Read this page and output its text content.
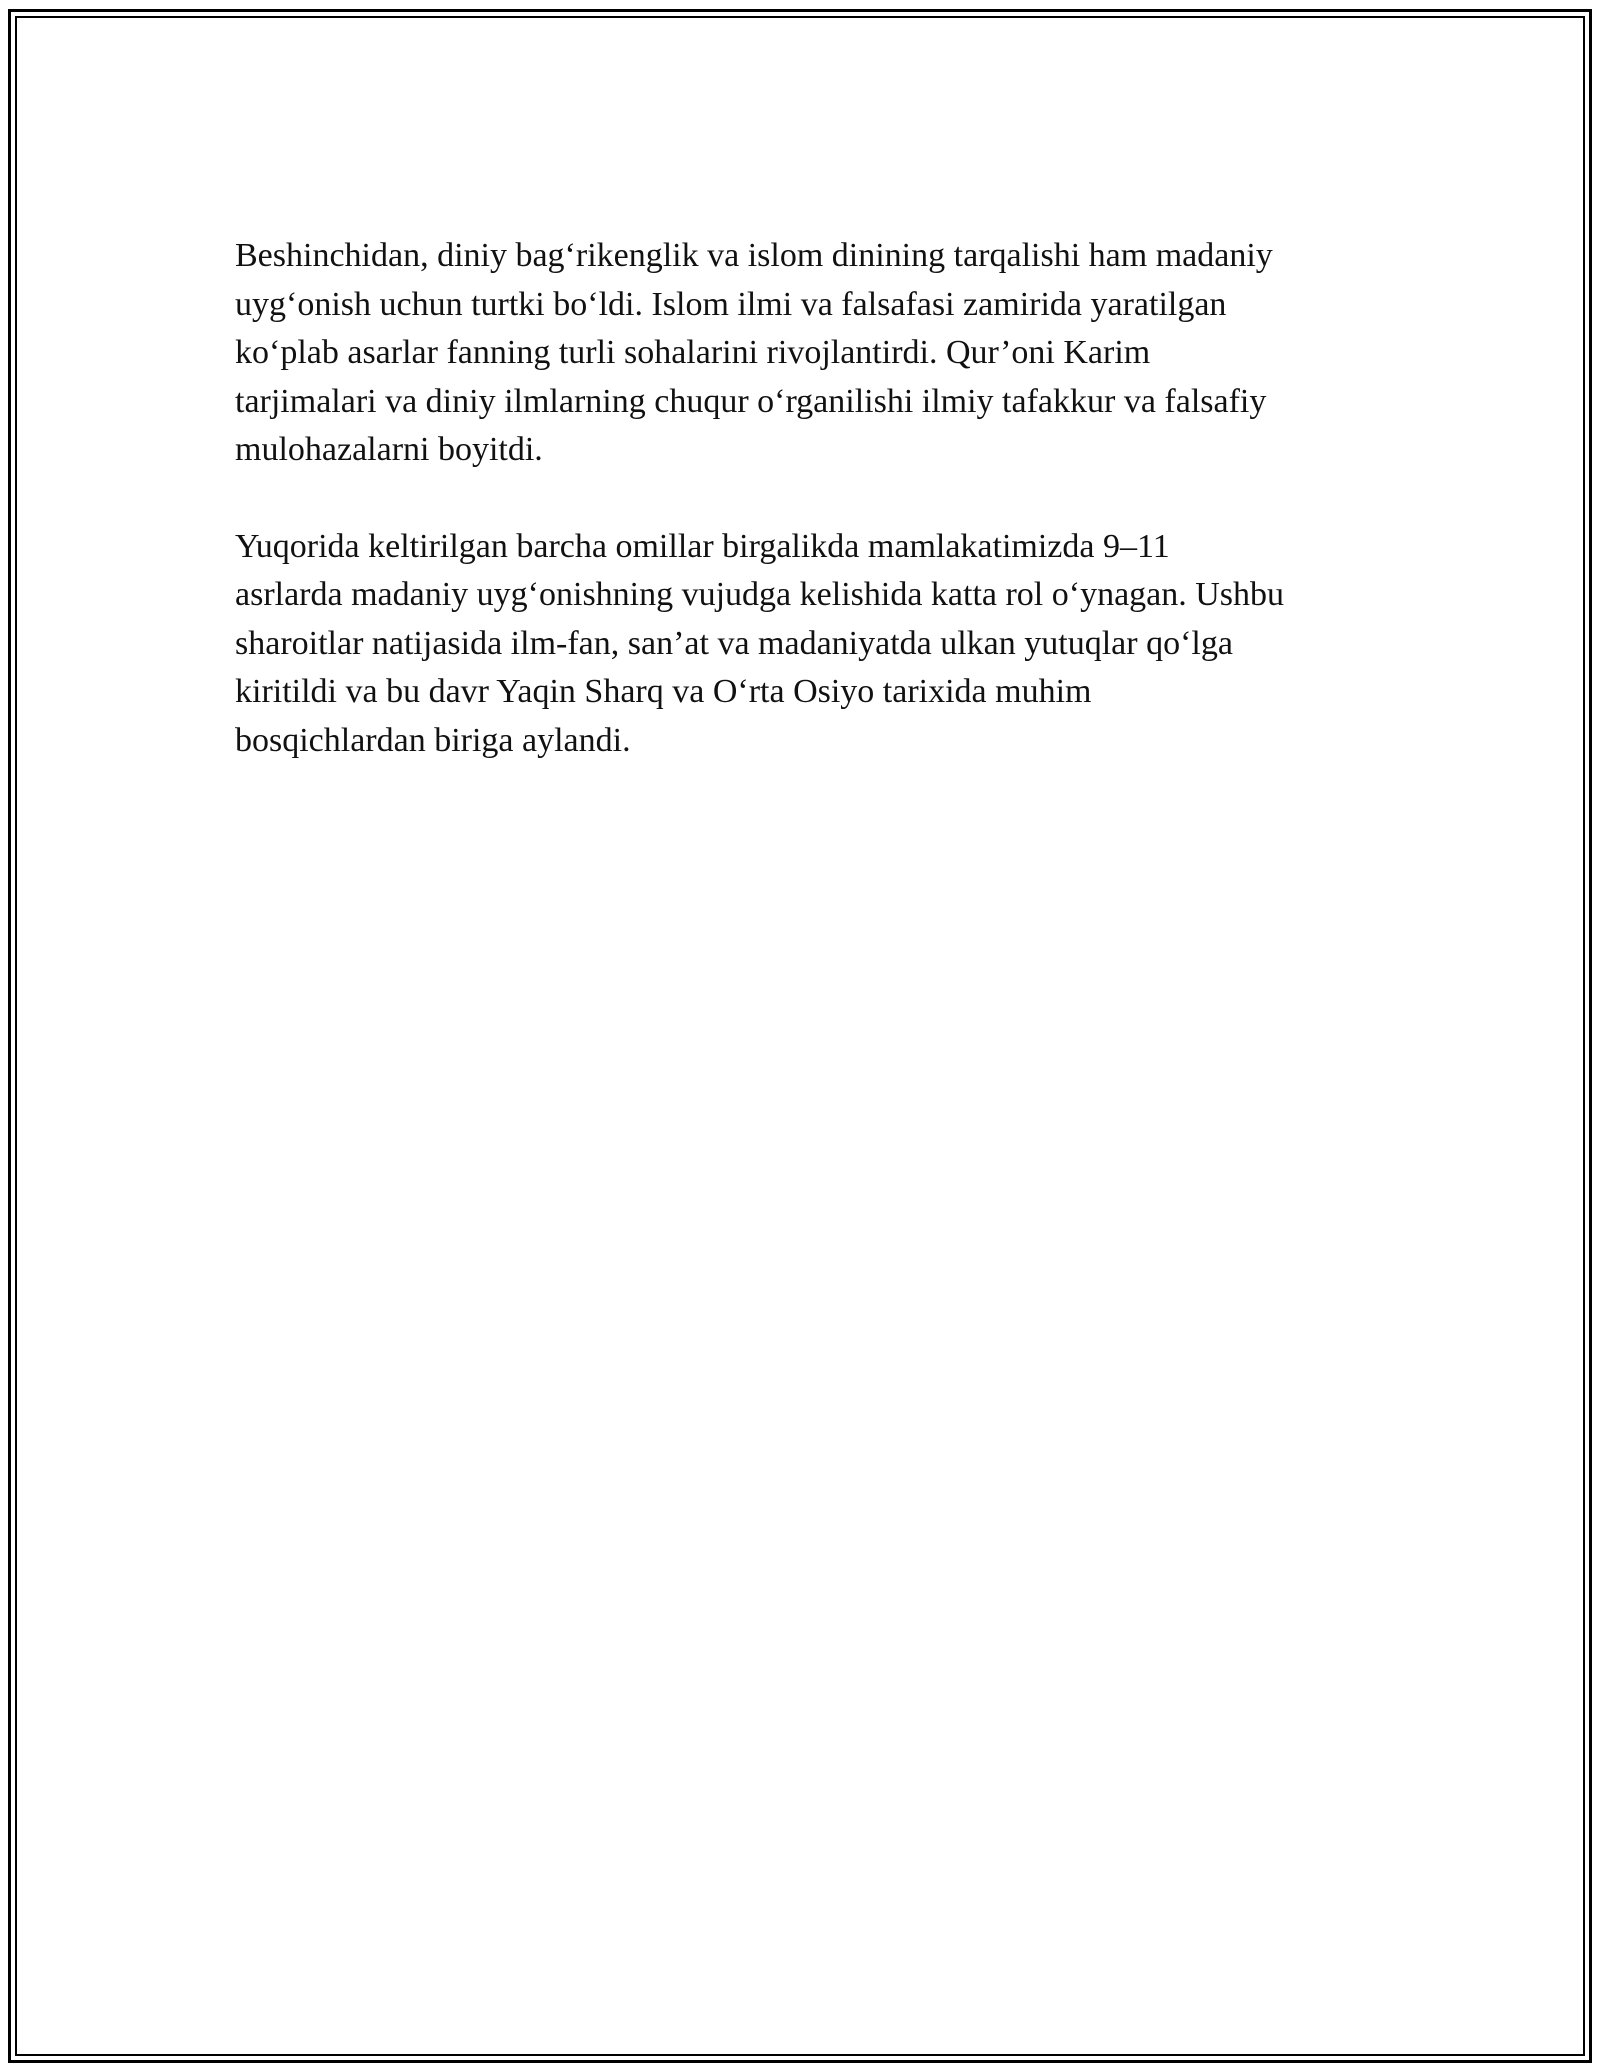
Beshinchidan, diniy bag‘rikenglik va islom dinining tarqalishi ham madaniy
uyg‘onish uchun turtki bo‘ldi. Islom ilmi va falsafasi zamirida yaratilgan
ko‘plab asarlar fanning turli sohalarini rivojlantirdi. Qur’oni Karim
tarjimalari va diniy ilmlarning chuqur o‘rganilishi ilmiy tafakkur va falsafiy
mulohazalarni boyitdi.

Yuqorida keltirilgan barcha omillar birgalikda mamlakatimizda 9–11
asrlarda madaniy uyg‘onishning vujudga kelishida katta rol o‘ynagan. Ushbu
sharoitlar natijasida ilm-fan, san’at va madaniyatda ulkan yutuqlar qo‘lga
kiritildi va bu davr Yaqin Sharq va O‘rta Osiyo tarixida muhim
bosqichlardan biriga aylandi.
